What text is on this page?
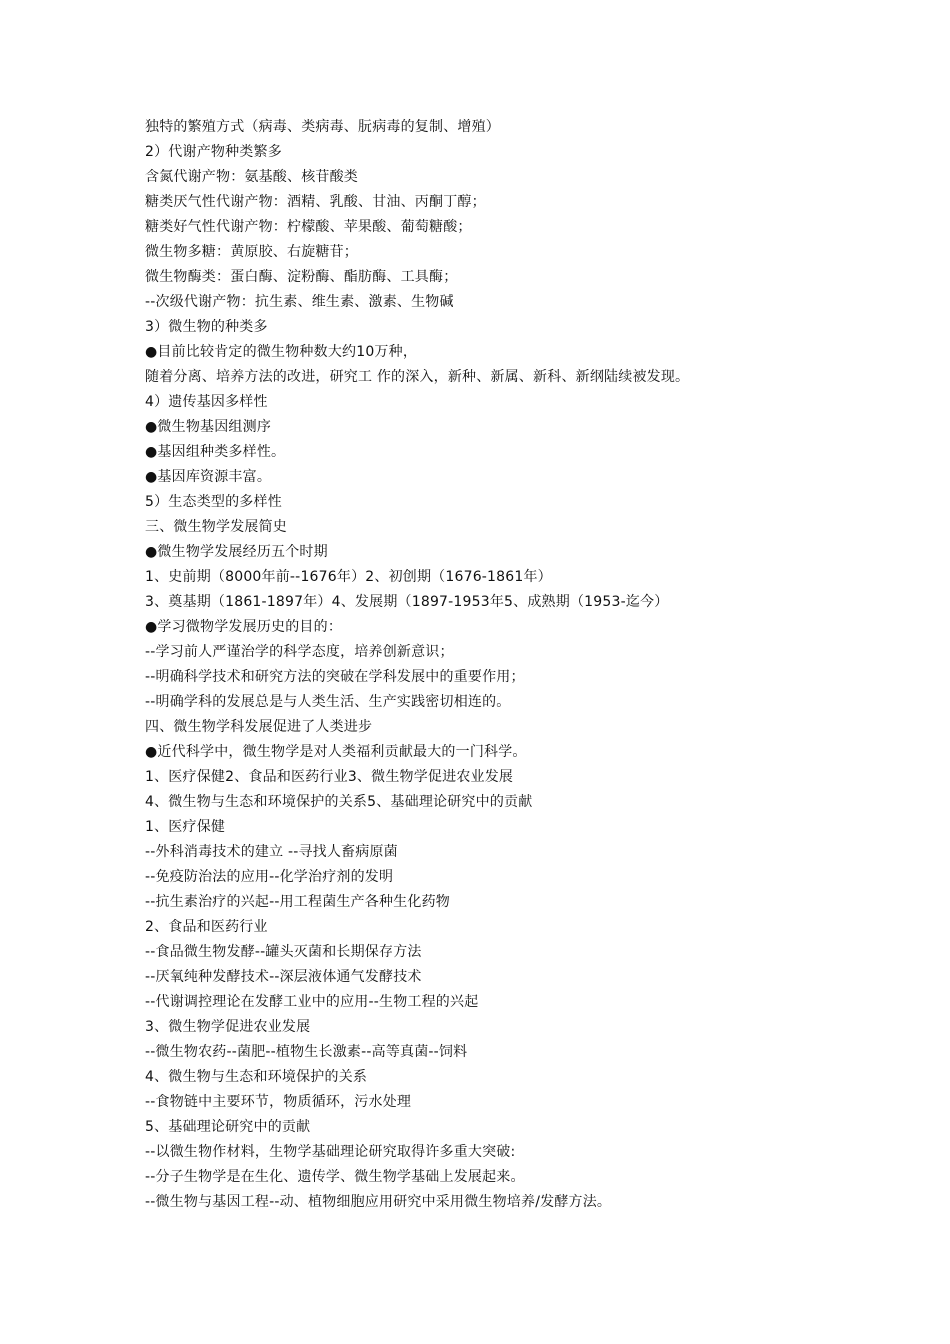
独特的繁殖方式（病毒、类病毒、朊病毒的复制、增殖）
2）代谢产物种类繁多
含氮代谢产物：氨基酸、核苷酸类
糖类厌气性代谢产物：酒精、乳酸、甘油、丙酮丁醇；
糖类好气性代谢产物：柠檬酸、苹果酸、葡萄糖酸；
微生物多糖：黄原胶、右旋糖苷；
微生物酶类：蛋白酶、淀粉酶、酯肪酶、工具酶；
--次级代谢产物：抗生素、维生素、激素、生物碱
3）微生物的种类多
●目前比较肯定的微生物种数大约10万种，
随着分离、培养方法的改进，研究工 作的深入，新种、新属、新科、新纲陆续被发现。
4）遗传基因多样性
●微生物基因组测序
●基因组种类多样性。
●基因库资源丰富。
5）生态类型的多样性
三、微生物学发展简史
●微生物学发展经历五个时期
1、史前期（8000年前--1676年）2、初创期（1676-1861年）
3、奠基期（1861-1897年）4、发展期（1897-1953年5、成熟期（1953-迄今）
●学习微物学发展历史的目的：
--学习前人严谨治学的科学态度，培养创新意识；
--明确科学技术和研究方法的突破在学科发展中的重要作用；
--明确学科的发展总是与人类生活、生产实践密切相连的。
四、微生物学科发展促进了人类进步
●近代科学中，微生物学是对人类福利贡献最大的一门科学。
1、医疗保健2、食品和医药行业3、微生物学促进农业发展
4、微生物与生态和环境保护的关系5、基础理论研究中的贡献
1、医疗保健
--外科消毒技术的建立 --寻找人畜病原菌
--免疫防治法的应用--化学治疗剂的发明
--抗生素治疗的兴起--用工程菌生产各种生化药物
2、食品和医药行业
--食品微生物发酵--罐头灭菌和长期保存方法
--厌氧纯种发酵技术--深层液体通气发酵技术
--代谢调控理论在发酵工业中的应用--生物工程的兴起
3、微生物学促进农业发展
--微生物农药--菌肥--植物生长激素--高等真菌--饲料
4、微生物与生态和环境保护的关系
--食物链中主要环节，物质循环，污水处理
5、基础理论研究中的贡献
--以微生物作材料，生物学基础理论研究取得许多重大突破:
--分子生物学是在生化、遗传学、微生物学基础上发展起来。
--微生物与基因工程--动、植物细胞应用研究中采用微生物培养/发酵方法。
